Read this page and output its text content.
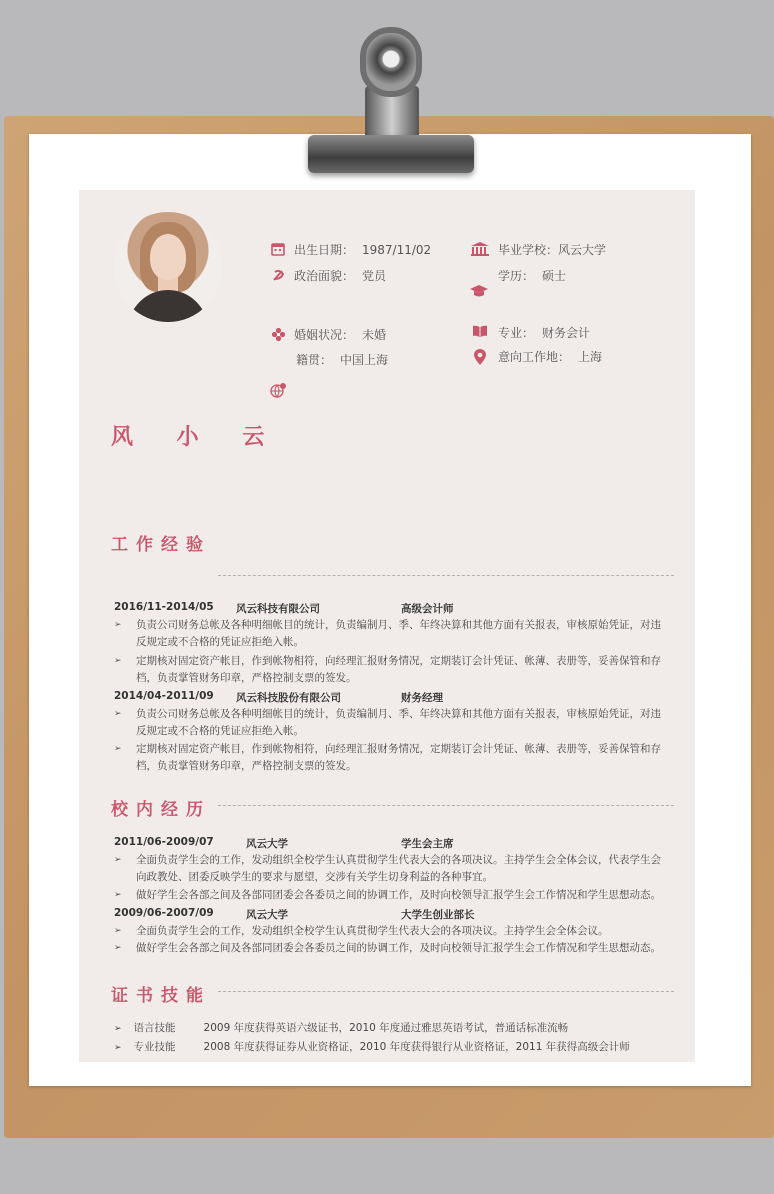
出生日期： 1987/11/02
政治面貌： 党员
婚姻状况： 未婚
籍贯： 中国上海
毕业学校： 风云大学
学历： 硕士
专业： 财务会计
意向工作地： 上海
风 小 云
工作经验
2016/11-2014/05 风云科技有限公司	高级会计师
➢ 负责公司财务总帐及各种明细帐目的统计，负责编制月、季、年终决算和其他方面有关报表，审核原始凭证，对违反规定或不合格的凭证应拒绝入帐。
➢ 定期核对固定资产帐目，作到帐物相符，向经理汇报财务情况，定期装订会计凭证、帐薄、表册等，妥善保管和存档，负责掌管财务印章，严格控制支票的签发。
2014/04-2011/09 风云科技股份有限公司	财务经理
➢ 负责公司财务总帐及各种明细帐目的统计，负责编制月、季、年终决算和其他方面有关报表，审核原始凭证，对违反规定或不合格的凭证应拒绝入帐。
➢ 定期核对固定资产帐目，作到帐物相符，向经理汇报财务情况，定期装订会计凭证、帐薄、表册等，妥善保管和存档，负责掌管财务印章，严格控制支票的签发。
校内经历
2011/06-2009/07	风云大学	学生会主席
➢ 全面负责学生会的工作，发动组织全校学生认真贯彻学生代表大会的各项决议。主持学生会全体会议，代表学生会向政教处、团委反映学生的要求与愿望，交涉有关学生切身利益的各种事宜。
➢ 做好学生会各部之间及各部同团委会各委员之间的协调工作，及时向校领导汇报学生会工作情况和学生思想动态。
2009/06-2007/09	风云大学	大学生创业部长
➢ 全面负责学生会的工作，发动组织全校学生认真贯彻学生代表大会的各项决议。主持学生会全体会议。
➢ 做好学生会各部之间及各部同团委会各委员之间的协调工作，及时向校领导汇报学生会工作情况和学生思想动态。
证书技能
➢ 语言技能	2009 年度获得英语六级证书，2010 年度通过雅思英语考试，普通话标准流畅
➢ 专业技能	2008 年度获得证券从业资格证，2010 年度获得银行从业资格证，2011 年获得高级会计师
